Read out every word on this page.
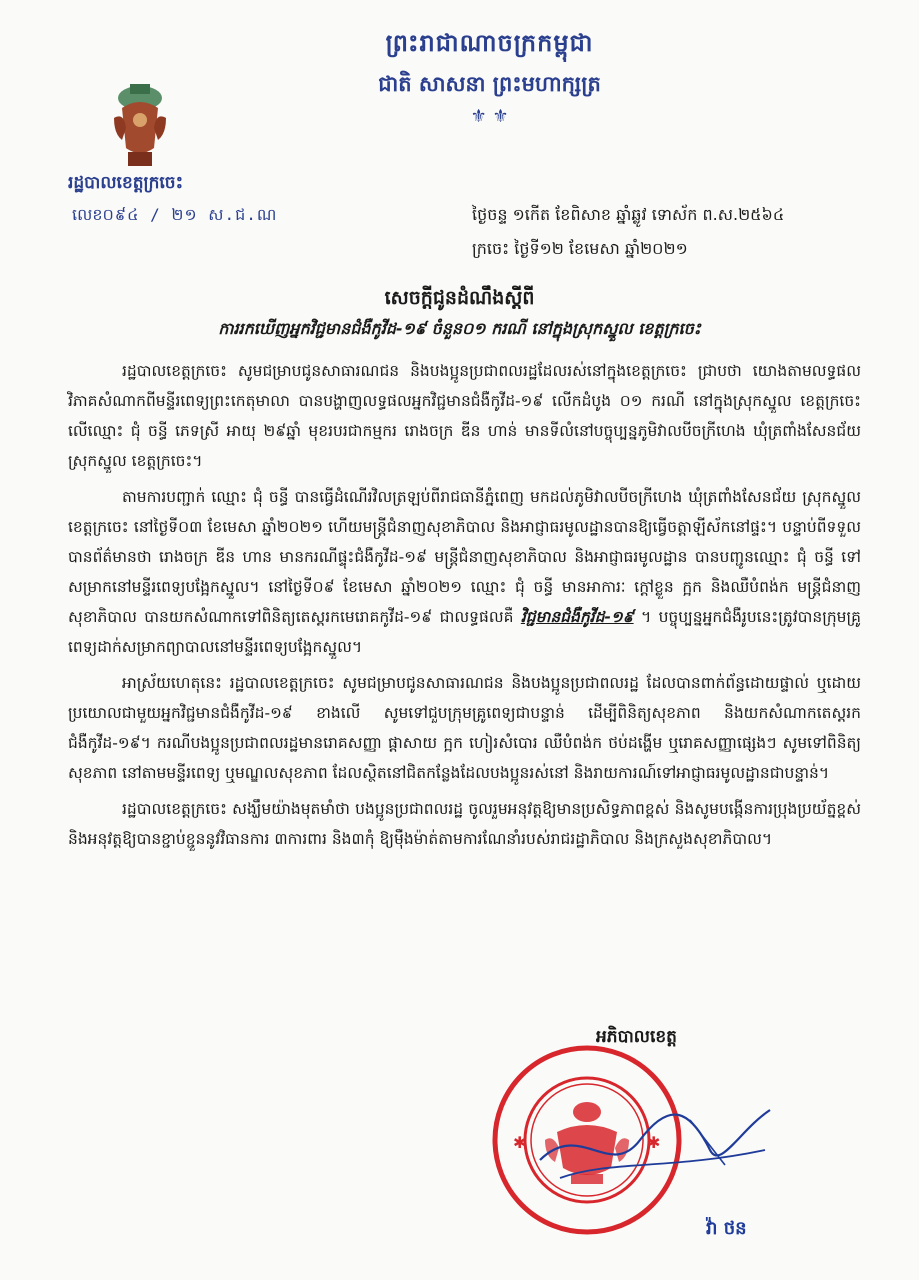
ព្រះរាជាណាចក្រកម្ពុជា
ជាតិ សាសនា ព្រះមហាក្សត្រ
⚜ ⚜
រដ្ឋបាលខេត្តក្រចេះ
លេខ០៩៤ / ២១ ស.ជ.ណ	ថ្ងៃចន្ទ ១កើត ខែពិសាខ ឆ្នាំឆ្លូវ ទោស័ក ព.ស.២៥៦៤
ក្រចេះ ថ្ងៃទី១២ ខែមេសា ឆ្នាំ២០២១
សេចក្តីជូនដំណឹងស្តីពី
ការរកឃើញអ្នកវិជ្ជមានជំងឺកូវីដ-១៩ ចំនួន០១ ករណី នៅក្នុងស្រុកស្នួល ខេត្តក្រចេះ

រដ្ឋបាលខេត្តក្រចេះ សូមជម្រាបជូនសាធារណជន និងបងប្អូនប្រជាពលរដ្ឋដែលរស់នៅក្នុងខេត្តក្រចេះ ជ្រាបថា យោងតាមលទ្ធផលវិភាគសំណាកពីមន្ទីរពេទ្យព្រះកេតុមាលា បានបង្ហាញលទ្ធផលអ្នកវិជ្ជមានជំងឺកូវីដ-១៩ លើកដំបូង ០១ ករណី នៅក្នុងស្រុកស្នួល ខេត្តក្រចេះ លើឈ្មោះ ជុំ ចន្ធី ភេទស្រី អាយុ ២៩ឆ្នាំ មុខរបរជាកម្មករ រោងចក្រ ឌីន ហាន់ មានទីលំនៅបច្ចុប្បន្នភូមិវាលបីចក្រីហេង ឃុំត្រពាំងសែនជ័យ ស្រុកស្នួល ខេត្តក្រចេះ។

តាមការបញ្ជាក់ ឈ្មោះ ជុំ ចន្ធី បានធ្វើដំណើរវិលត្រឡប់ពីរាជធានីភ្នំពេញ មកដល់ភូមិវាលបីចក្រីហេង ឃុំត្រពាំងសែនជ័យ ស្រុកស្នួល ខេត្តក្រចេះ នៅថ្ងៃទី០៣ ខែមេសា ឆ្នាំ២០២១ ហើយមន្ត្រីជំនាញសុខាភិបាល និងអាជ្ញាធរមូលដ្ឋានបានឱ្យធ្វើចត្តាឡីស័កនៅផ្ទះ។ បន្ទាប់ពីទទួលបានព័ត៌មានថា រោងចក្រ ឌីន ហាន មានករណីផ្ទុះជំងឺកូវីដ-១៩ មន្ត្រីជំនាញសុខាភិបាល និងអាជ្ញាធរមូលដ្ឋាន បានបញ្ជូនឈ្មោះ ជុំ ចន្ធី ទៅសម្រាកនៅមន្ទីរពេទ្យបង្អែកស្នួល។ នៅថ្ងៃទី០៩ ខែមេសា ឆ្នាំ២០២១ ឈ្មោះ ជុំ ចន្ធី មានអាការៈ ក្តៅខ្លួន ក្អក និងឈឺបំពង់ក មន្ត្រីជំនាញសុខាភិបាល បានយកសំណាកទៅពិនិត្យតេស្តរកមេរោគកូវីដ-១៩ ជាលទ្ធផលគឺ វិជ្ជមានជំងឺកូវីដ-១៩ ។ បច្ចុប្បន្នអ្នកជំងឺរូបនេះត្រូវបានក្រុមគ្រូពេទ្យដាក់សម្រាកព្យាបាលនៅមន្ទីរពេទ្យបង្អែកស្នួល។

អាស្រ័យហេតុនេះ រដ្ឋបាលខេត្តក្រចេះ សូមជម្រាបជូនសាធារណជន និងបងប្អូនប្រជាពលរដ្ឋ ដែលបានពាក់ព័ន្ធដោយផ្ទាល់ ឬដោយប្រយោលជាមួយអ្នកវិជ្ជមានជំងឺកូវីដ-១៩ ខាងលើ សូមទៅជួបក្រុមគ្រូពេទ្យជាបន្ទាន់ ដើម្បីពិនិត្យសុខភាព និងយកសំណាកតេស្តរកជំងឺកូវីដ-១៩។ ករណីបងប្អូនប្រជាពលរដ្ឋមានរោគសញ្ញា ផ្តាសាយ ក្អក ហៀរសំបោរ ឈឺបំពង់ក ថប់ដង្ហើម ឬរោគសញ្ញាផ្សេងៗ សូមទៅពិនិត្យសុខភាព នៅតាមមន្ទីរពេទ្យ ឬមណ្ឌលសុខភាព ដែលស្ថិតនៅជិតកន្លែងដែលបងប្អូនរស់នៅ និងរាយការណ៍ទៅអាជ្ញាធរមូលដ្ឋានជាបន្ទាន់។

រដ្ឋបាលខេត្តក្រចេះ សង្ឃឹមយ៉ាងមុតមាំថា បងប្អូនប្រជាពលរដ្ឋ ចូលរួមអនុវត្តឱ្យមានប្រសិទ្ធភាពខ្ពស់ និងសូមបង្កើនការប្រុងប្រយ័ត្នខ្ពស់ និងអនុវត្តឱ្យបានខ្ជាប់ខ្ជួននូវវិធានការ ៣ការពារ និង៣កុំ ឱ្យម៉ឺងម៉ាត់តាមការណែនាំរបស់រាជរដ្ឋាភិបាល និងក្រសួងសុខាភិបាល។

អភិបាលខេត្ត
✱	✱
វ៉ា ថន
